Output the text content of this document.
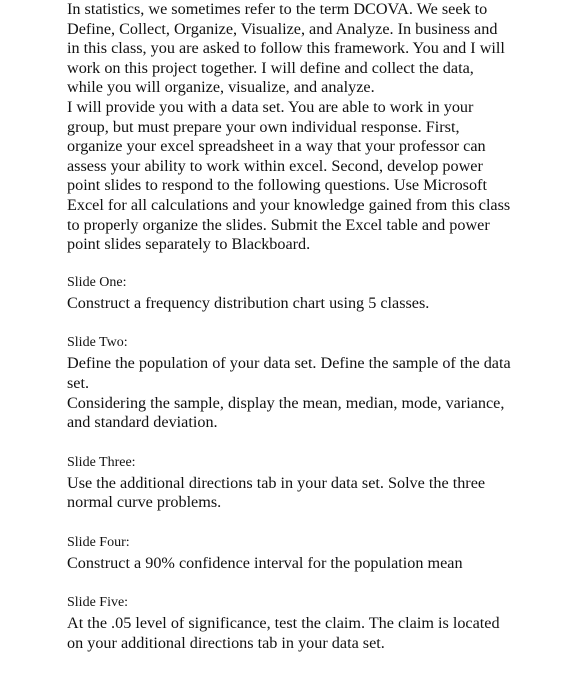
In statistics, we sometimes refer to the term DCOVA. We seek to Define, Collect, Organize, Visualize, and Analyze. In business and in this class, you are asked to follow this framework. You and I will work on this project together. I will define and collect the data, while you will organize, visualize, and analyze.

I will provide you with a data set. You are able to work in your group, but must prepare your own individual response. First, organize your excel spreadsheet in a way that your professor can assess your ability to work within excel. Second, develop power point slides to respond to the following questions. Use Microsoft Excel for all calculations and your knowledge gained from this class to properly organize the slides. Submit the Excel table and power point slides separately to Blackboard.

Slide One:

Construct a frequency distribution chart using 5 classes.

Slide Two:

Define the population of your data set. Define the sample of the data set.

Considering the sample, display the mean, median, mode, variance, and standard deviation.

Slide Three:

Use the additional directions tab in your data set. Solve the three normal curve problems.

Slide Four:

Construct a 90% confidence interval for the population mean

Slide Five:

At the .05 level of significance, test the claim. The claim is located on your additional directions tab in your data set.
